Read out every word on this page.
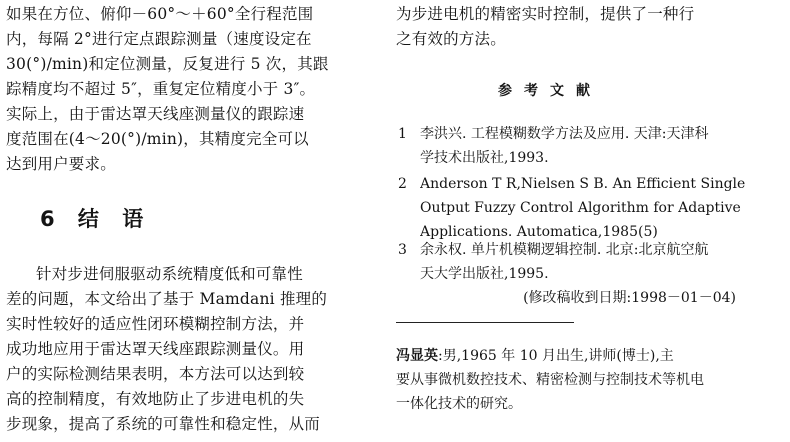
如果在方位、俯仰－60°～＋60°全行程范围
内，每隔 2°进行定点跟踪测量（速度设定在
30(°)/min)和定位测量，反复进行 5 次，其跟
踪精度均不超过 5″，重复定位精度小于 3″。
实际上，由于雷达罩天线座测量仪的跟踪速
度范围在(4～20(°)/min)，其精度完全可以
达到用户要求。
6 结 语
针对步进伺服驱动系统精度低和可靠性
差的问题，本文给出了基于 Mamdani 推理的
实时性较好的适应性闭环模糊控制方法，并
成功地应用于雷达罩天线座跟踪测量仪。用
户的实际检测结果表明，本方法可以达到较
高的控制精度，有效地防止了步进电机的失
步现象，提高了系统的可靠性和稳定性，从而
为步进电机的精密实时控制，提供了一种行
之有效的方法。
参考文献
1 李洪兴. 工程模糊数学方法及应用. 天津:天津科
学技术出版社,1993.
2 Anderson T R,Nielsen S B. An Efficient Single
Output Fuzzy Control Algorithm for Adaptive
Applications. Automatica,1985(5)
3 余永权. 单片机模糊逻辑控制. 北京:北京航空航
天大学出版社,1995.
(修改稿收到日期:1998－01－04)
冯显英:男,1965 年 10 月出生,讲师(博士),主
要从事微机数控技术、精密检测与控制技术等机电
一体化技术的研究。
